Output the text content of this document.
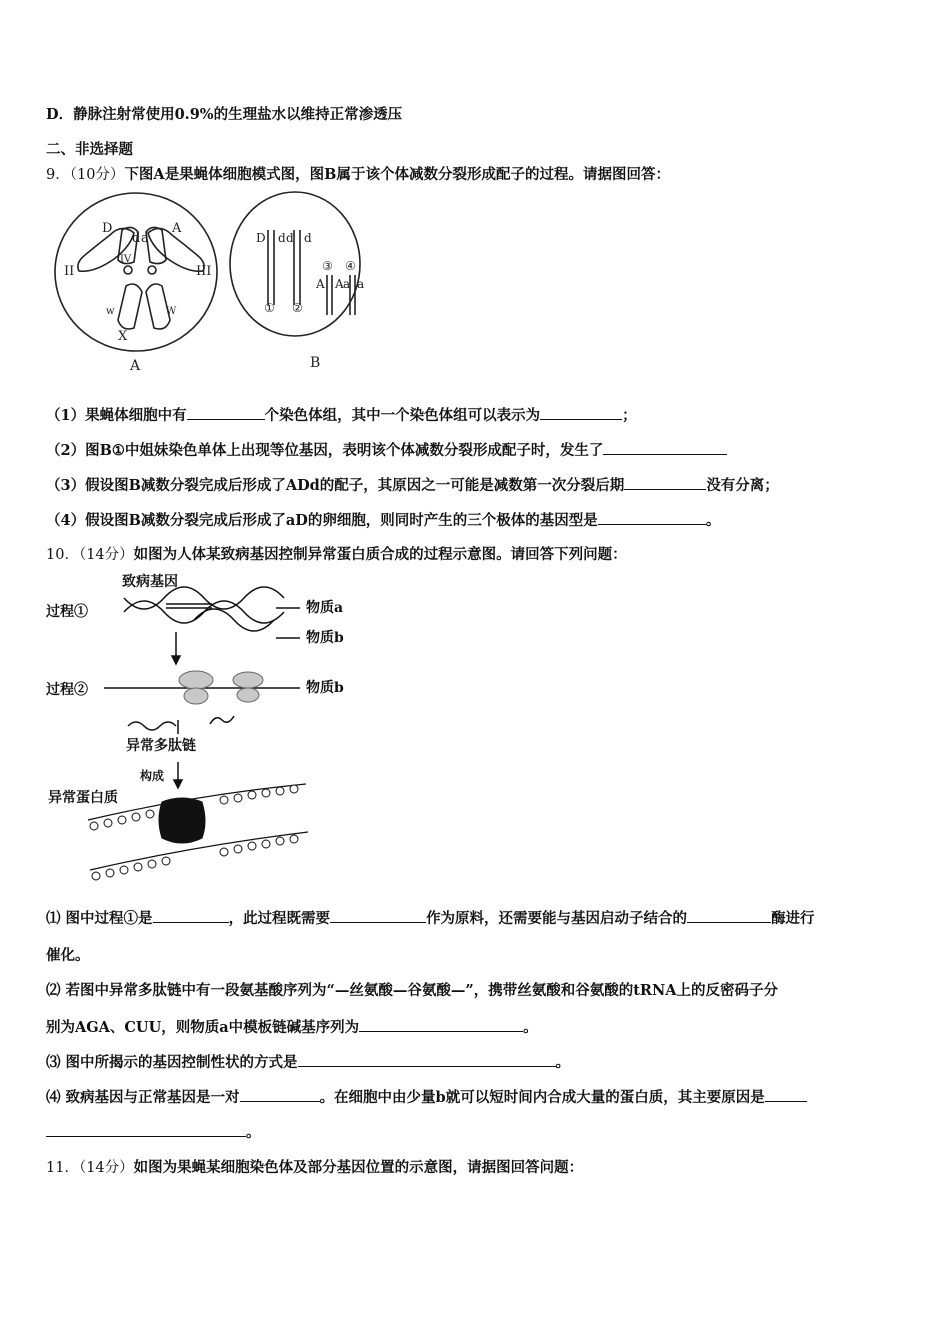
D．静脉注射常使用0.9%的生理盐水以维持正常渗透压
二、非选择题
9．（10分）下图A是果蝇体细胞模式图，图B属于该个体减数分裂形成配子的过程。请据图回答：
D
d a
A
II	III
IV
w	W
X
A
D d d d
A A a a
① ②
③ ④
B
（1）果蝇体细胞中有	个染色体组，其中一个染色体组可以表示为	；
（2）图B①中姐妹染色单体上出现等位基因，表明该个体减数分裂形成配子时，发生了
（3）假设图B减数分裂完成后形成了ADd的配子，其原因之一可能是减数第一次分裂后期	没有分离；
（4）假设图B减数分裂完成后形成了aD的卵细胞，则同时产生的三个极体的基因型是	。
10．（14分）如图为人体某致病基因控制异常蛋白质合成的过程示意图。请回答下列问题：
致病基因
过程①
过程②
物质a
物质b
物质b
异常多肽链
构成
异常蛋白质
⑴ 图中过程①是	，此过程既需要	作为原料，还需要能与基因启动子结合的	酶进行
催化。
⑵ 若图中异常多肽链中有一段氨基酸序列为“—丝氨酸—谷氨酸—”，携带丝氨酸和谷氨酸的tRNA上的反密码子分
别为AGA、CUU，则物质a中模板链碱基序列为	。
⑶ 图中所揭示的基因控制性状的方式是	。
⑷ 致病基因与正常基因是一对	。在细胞中由少量b就可以短时间内合成大量的蛋白质，其主要原因是
。
11．（14分）如图为果蝇某细胞染色体及部分基因位置的示意图，请据图回答问题：
